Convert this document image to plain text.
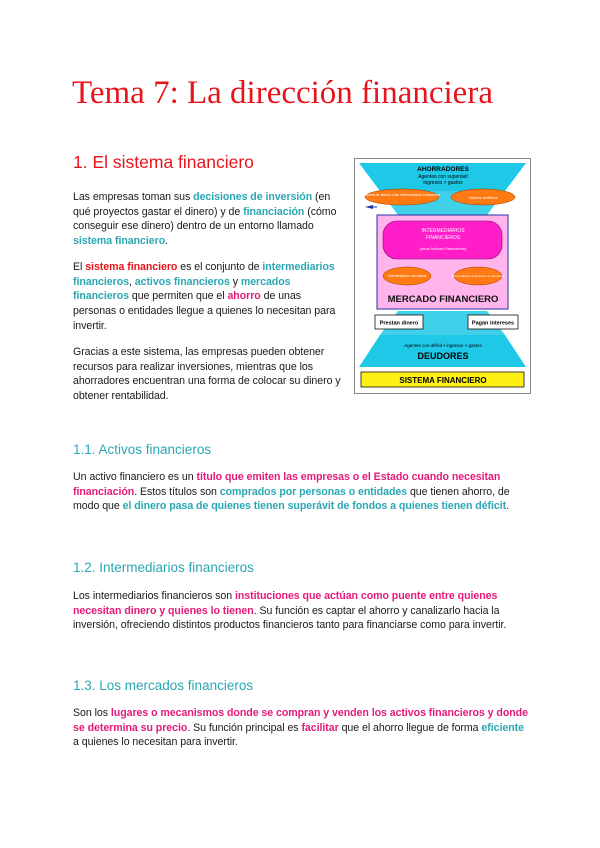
Tema 7: La dirección financiera
1. El sistema financiero

Las empresas toman sus decisiones de inversión (en qué proyectos gastar el dinero) y de financiación (cómo conseguir ese dinero) dentro de un entorno llamado sistema financiero.

El sistema financiero es el conjunto de intermediarios financieros, activos financieros y mercados financieros que permiten que el ahorro de unas personas o entidades llegue a quienes lo necesitan para invertir.

Gracias a este sistema, las empresas pueden obtener recursos para realizar inversiones, mientras que los ahorradores encuentran una forma de colocar su dinero y obtener rentabilidad.

AHORRADORES
Agentes con superávit
ingresos > gastos
Libreta de ahorro o las intermediarios financieros	Valores emitidos
INTERMEDIARIOS
FINANCIEROS
(unos Activos Financieros)
Intermediarios bancarios	Intermediarios financieros no bancarios
MERCADO FINANCIERO
Prestan dinero	Pagan intereses
Agentes con déficit • ingresos < gastos
DEUDORES
SISTEMA FINANCIERO
1.1. Activos financieros

Un activo financiero es un título que emiten las empresas o el Estado cuando necesitan financiación. Estos títulos son comprados por personas o entidades que tienen ahorro, de modo que el dinero pasa de quienes tienen superávit de fondos a quienes tienen déficit.

1.2. Intermediarios financieros

Los intermediarios financieros son instituciones que actúan como puente entre quienes necesitan dinero y quienes lo tienen. Su función es captar el ahorro y canalizarlo hacia la inversión, ofreciendo distintos productos financieros tanto para financiarse como para invertir.

1.3. Los mercados financieros

Son los lugares o mecanismos donde se compran y venden los activos financieros y donde se determina su precio. Su función principal es facilitar que el ahorro llegue de forma eficiente a quienes lo necesitan para invertir.
